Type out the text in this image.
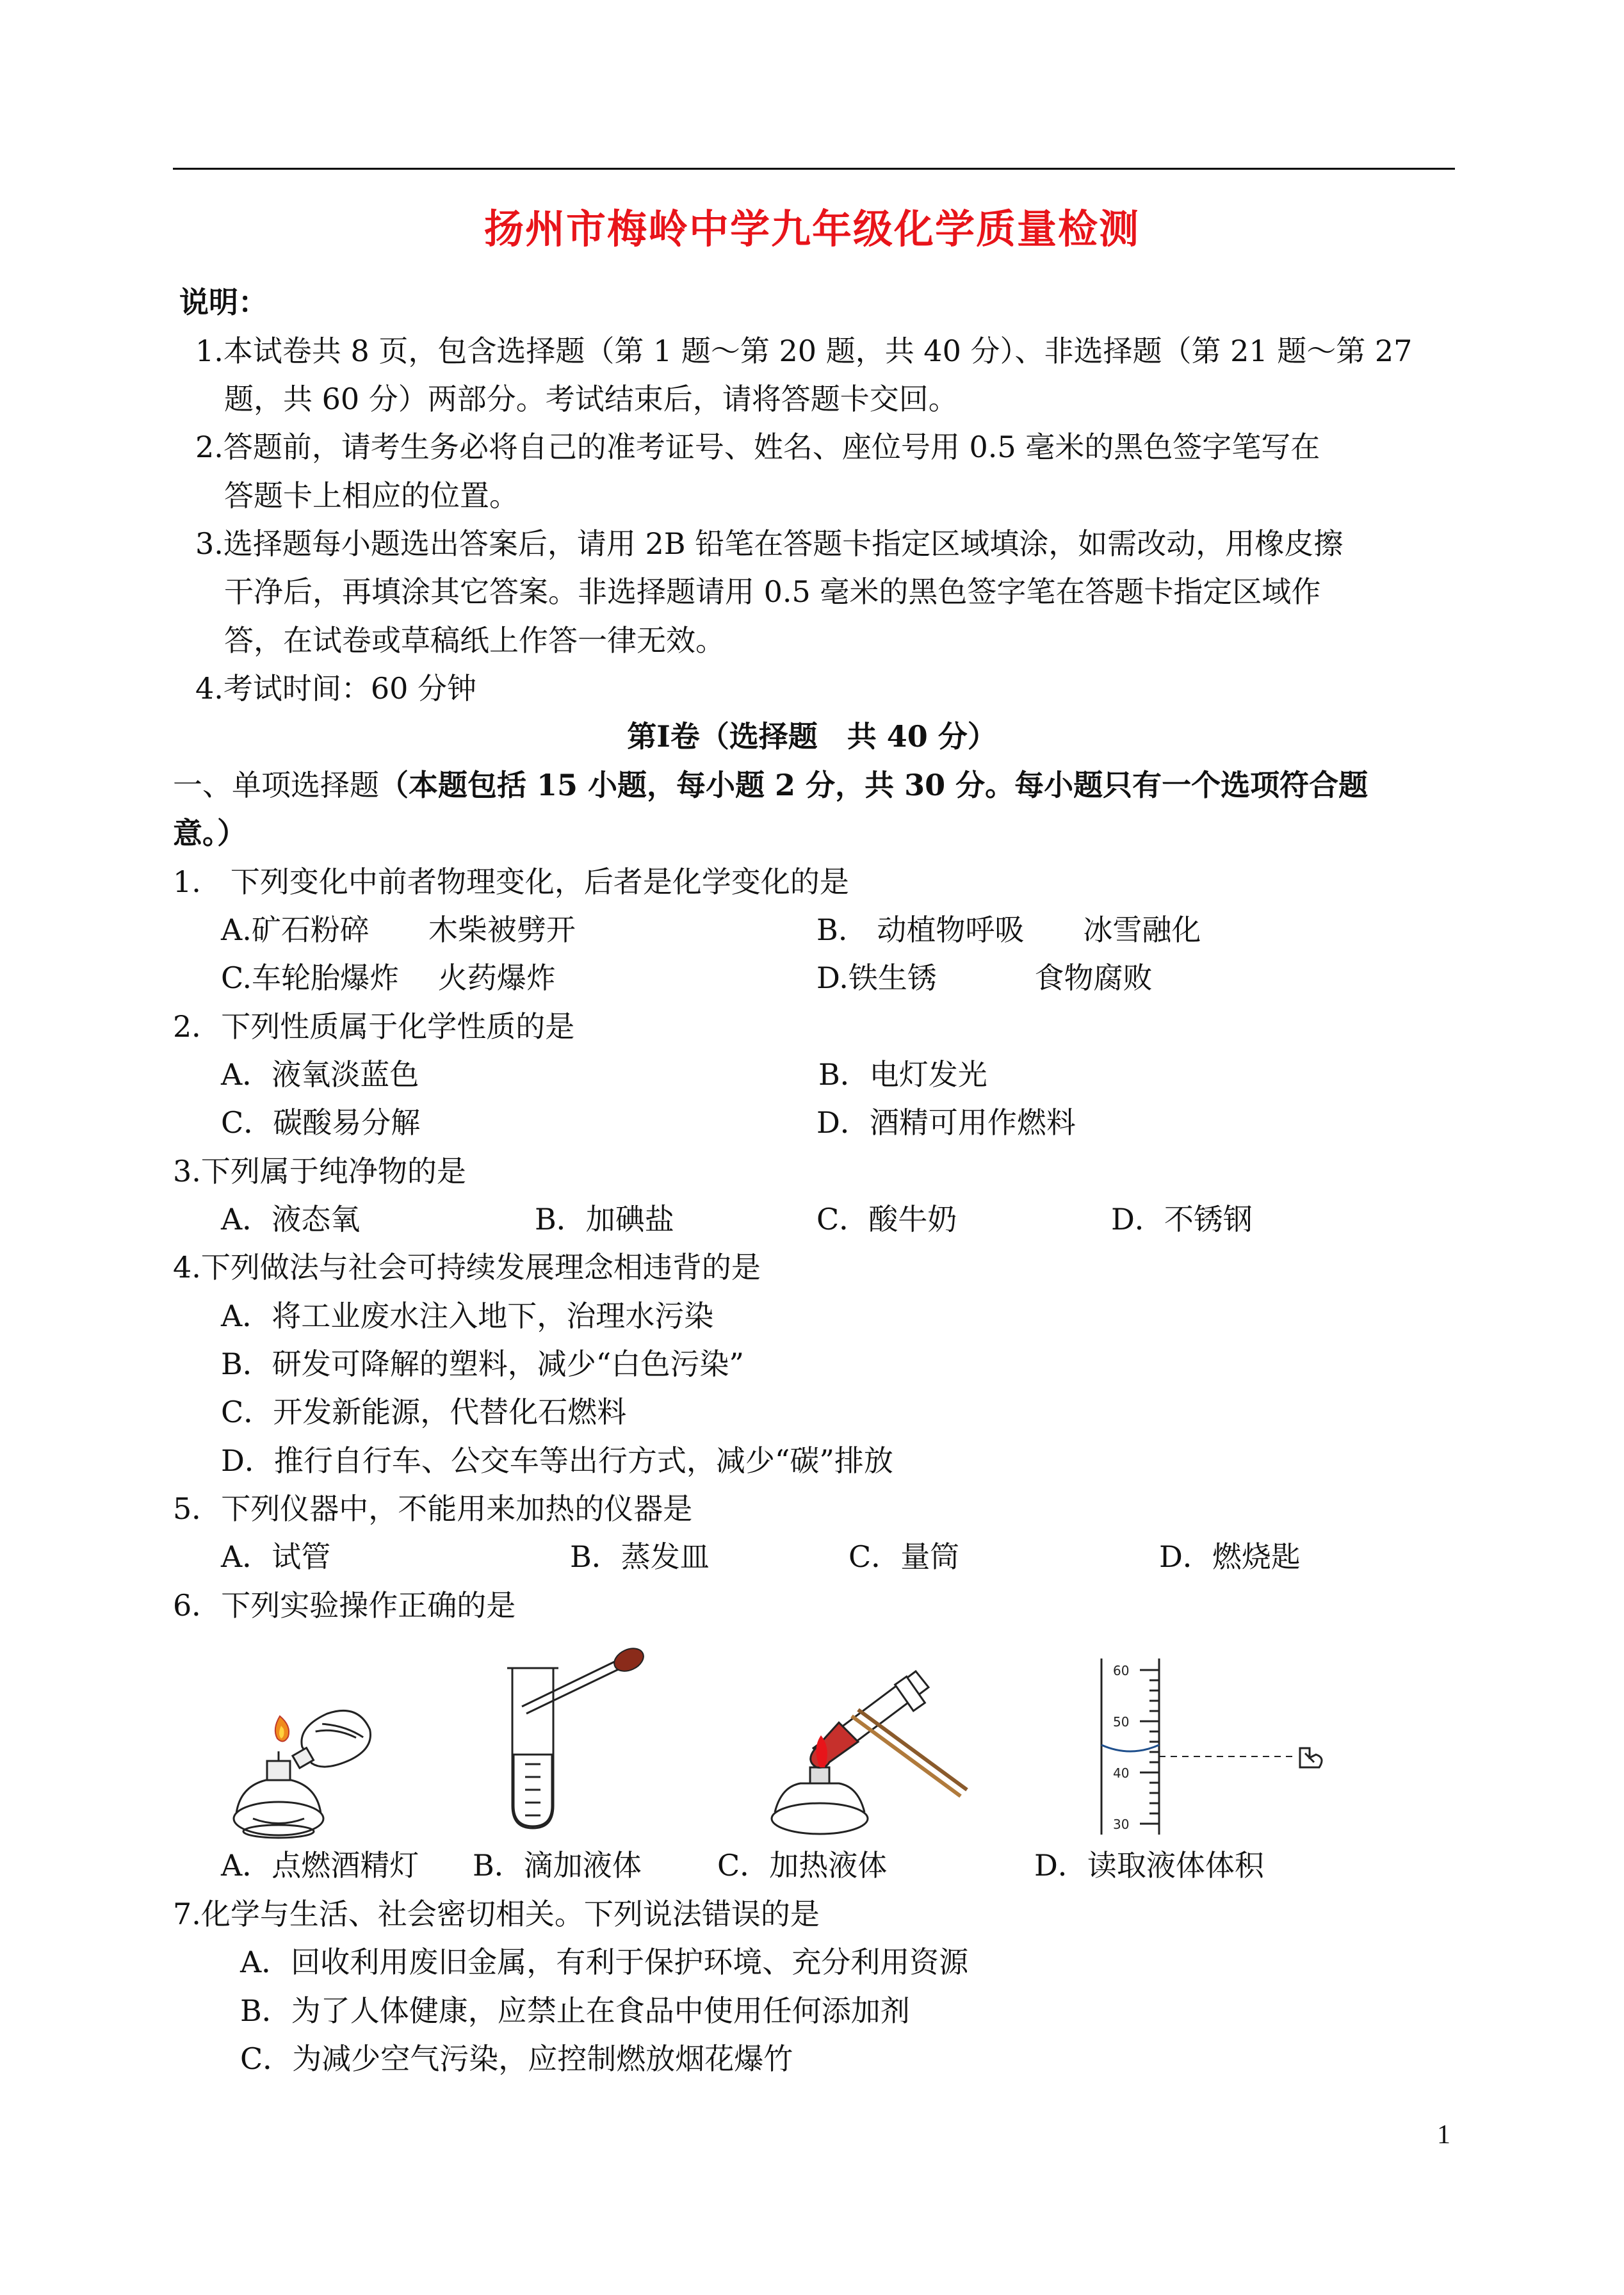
扬州市梅岭中学九年级化学质量检测
说明：
1.本试卷共 8 页，包含选择题（第 1 题～第 20 题，共 40 分）、非选择题（第 21 题～第 27
题，共 60 分）两部分。考试结束后，请将答题卡交回。
2.答题前，请考生务必将自己的准考证号、姓名、座位号用 0.5 毫米的黑色签字笔写在
答题卡上相应的位置。
3.选择题每小题选出答案后，请用 2B 铅笔在答题卡指定区域填涂，如需改动，用橡皮擦
干净后，再填涂其它答案。非选择题请用 0.5 毫米的黑色签字笔在答题卡指定区域作
答，在试卷或草稿纸上作答一律无效。
4.考试时间：60 分钟
第Ⅰ卷（选择题　共 40 分）
一、单项选择题（本题包括 15 小题，每小题 2 分，共 30 分。每小题只有一个选项符合题
意。）
1.　下列变化中前者物理变化，后者是化学变化的是
A.矿石粉碎　　木柴被劈开	B.　动植物呼吸　　冰雪融化
C.车轮胎爆炸　 火药爆炸	D.铁生锈　　　 食物腐败
2．下列性质属于化学性质的是
A．液氧淡蓝色	B．电灯发光
C．碳酸易分解	D．酒精可用作燃料
3.下列属于纯净物的是
A．液态氧	B．加碘盐	C．酸牛奶	D．不锈钢
4.下列做法与社会可持续发展理念相违背的是
A．将工业废水注入地下，治理水污染
B．研发可降解的塑料，减少“白色污染”
C．开发新能源，代替化石燃料
D．推行自行车、公交车等出行方式，减少“碳”排放
5．下列仪器中，不能用来加热的仪器是
A．试管	B．蒸发皿	C．量筒	D．燃烧匙
6．下列实验操作正确的是
60
50
40
30
A．点燃酒精灯 B．滴加液体	C．加热液体	D．读取液体体积
7.化学与生活、社会密切相关。下列说法错误的是
A．回收利用废旧金属，有利于保护环境、充分利用资源
B．为了人体健康，应禁止在食品中使用任何添加剂
C．为减少空气污染，应控制燃放烟花爆竹
1
